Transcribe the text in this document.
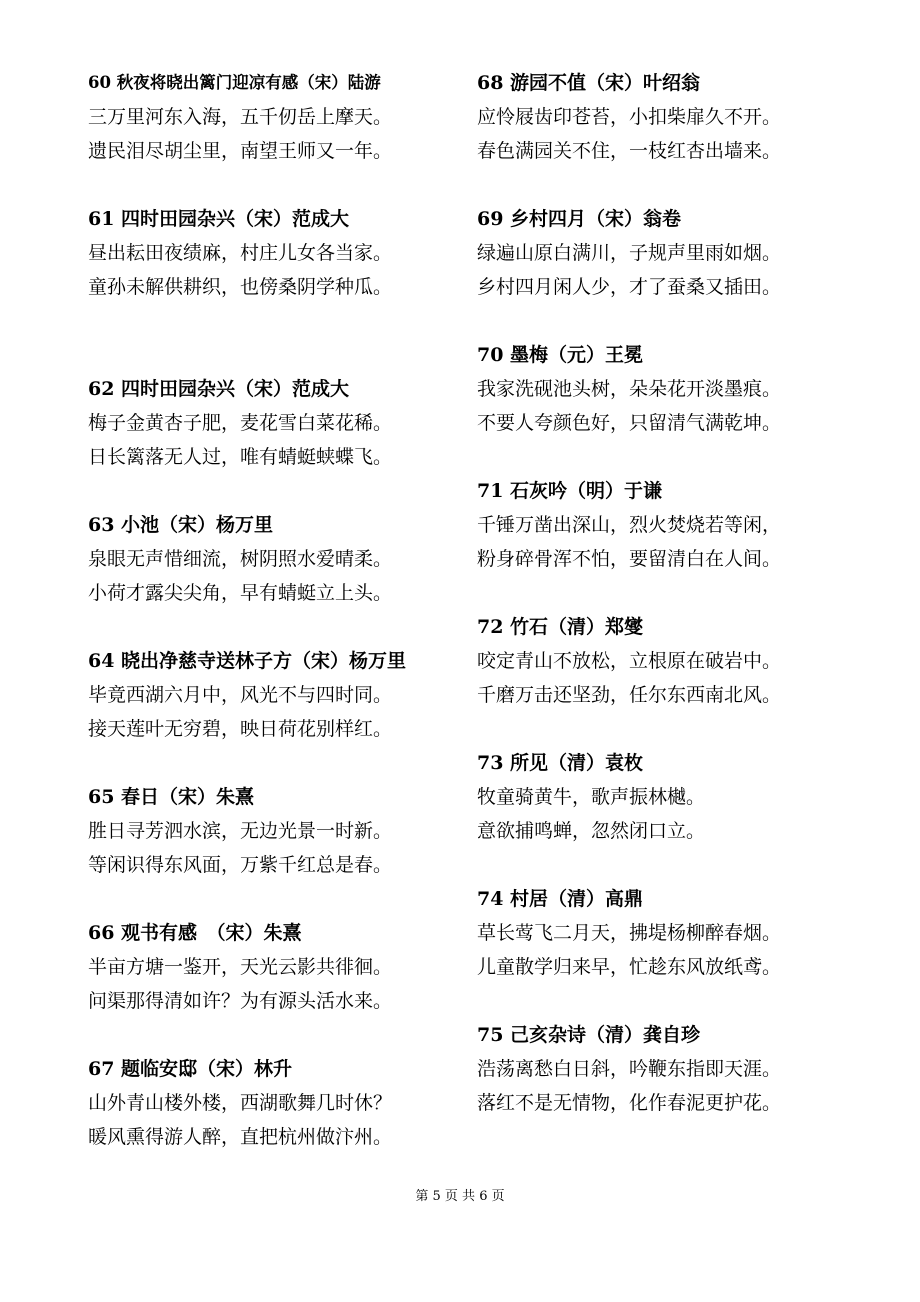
60 秋夜将晓出篱门迎凉有感（宋）陆游
三万里河东入海，五千仞岳上摩天。
遗民泪尽胡尘里，南望王师又一年。
61 四时田园杂兴（宋）范成大
昼出耘田夜绩麻，村庄儿女各当家。
童孙未解供耕织，也傍桑阴学种瓜。
62 四时田园杂兴（宋）范成大
梅子金黄杏子肥，麦花雪白菜花稀。
日长篱落无人过，唯有蜻蜓蛱蝶飞。
63 小池（宋）杨万里
泉眼无声惜细流，树阴照水爱晴柔。
小荷才露尖尖角，早有蜻蜓立上头。
64 晓出净慈寺送林子方（宋）杨万里
毕竟西湖六月中，风光不与四时同。
接天莲叶无穷碧，映日荷花别样红。
65 春日（宋）朱熹
胜日寻芳泗水滨，无边光景一时新。
等闲识得东风面，万紫千红总是春。
66 观书有感　（宋）朱熹
半亩方塘一鉴开，天光云影共徘徊。
问渠那得清如许？为有源头活水来。
67 题临安邸（宋）林升
山外青山楼外楼，西湖歌舞几时休？
暖风熏得游人醉，直把杭州做汴州。
68 游园不值（宋）叶绍翁
应怜屐齿印苍苔，小扣柴扉久不开。
春色满园关不住，一枝红杏出墙来。
69 乡村四月（宋）翁卷
绿遍山原白满川，子规声里雨如烟。
乡村四月闲人少，才了蚕桑又插田。
70 墨梅（元）王冕
我家洗砚池头树，朵朵花开淡墨痕。
不要人夸颜色好，只留清气满乾坤。
71 石灰吟（明）于谦
千锤万凿出深山，烈火焚烧若等闲，
粉身碎骨浑不怕，要留清白在人间。
72 竹石（清）郑燮
咬定青山不放松，立根原在破岩中。
千磨万击还坚劲，任尔东西南北风。
73 所见（清）袁枚
牧童骑黄牛，歌声振林樾。
意欲捕鸣蝉，忽然闭口立。
74 村居（清）高鼎
草长莺飞二月天，拂堤杨柳醉春烟。
儿童散学归来早，忙趁东风放纸鸢。
75 己亥杂诗（清）龚自珍
浩荡离愁白日斜，吟鞭东指即天涯。
落红不是无情物，化作春泥更护花。
第 5 页 共 6 页
